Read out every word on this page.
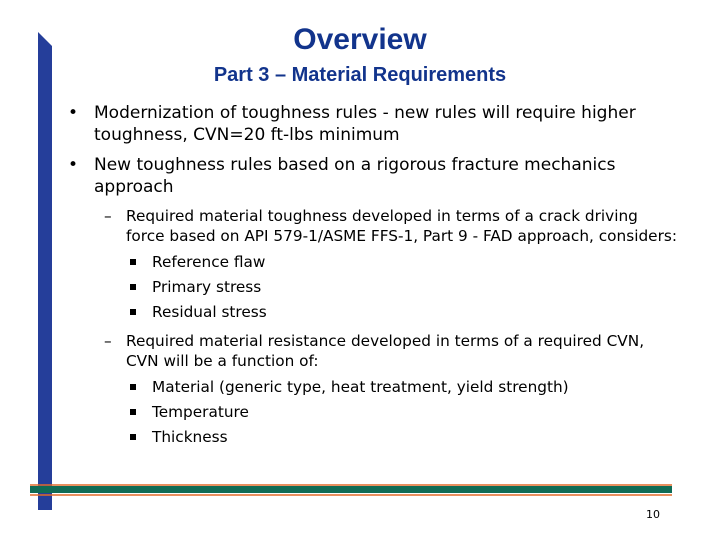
Overview
Part 3 – Material Requirements
• Modernization of toughness rules - new rules will require higher toughness, CVN=20 ft-lbs minimum
• New toughness rules based on a rigorous fracture mechanics approach
– Required material toughness developed in terms of a crack driving force based on API 579-1/ASME FFS-1, Part 9 - FAD approach, considers:
Reference flaw
Primary stress
Residual stress
– Required material resistance developed in terms of a required CVN, CVN will be a function of:
Material (generic type, heat treatment, yield strength)
Temperature
Thickness
10
